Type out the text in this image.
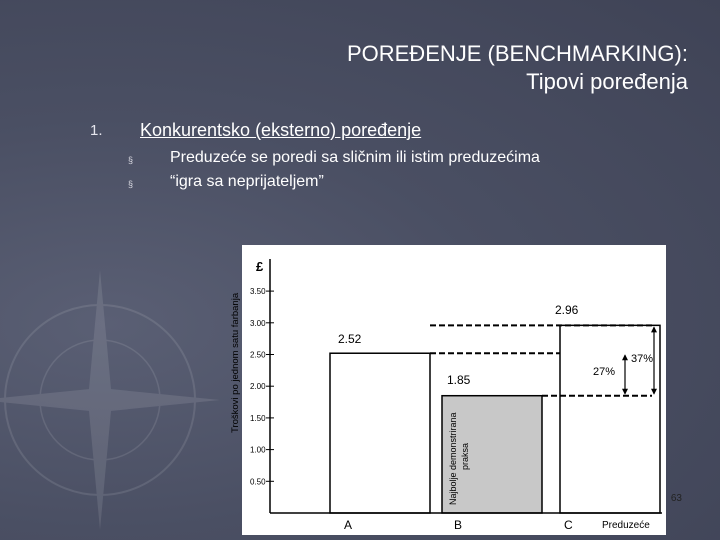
POREĐENJE (BENCHMARKING):
Tipovi poređenja
1. Konkurentsko (eksterno) poređenje
§ Preduzeće se poredi sa sličnim ili istim preduzećima
§ “igra sa neprijateljem”
27%
37%
£
0.50
1.00
1.50
2.00
2.50
3.00
3.50
Troškovi po jednom satu farbanja	2.52
1.85
2.96
Najbolje demonstrirana praksa
A	B	C	Preduzeće
63
